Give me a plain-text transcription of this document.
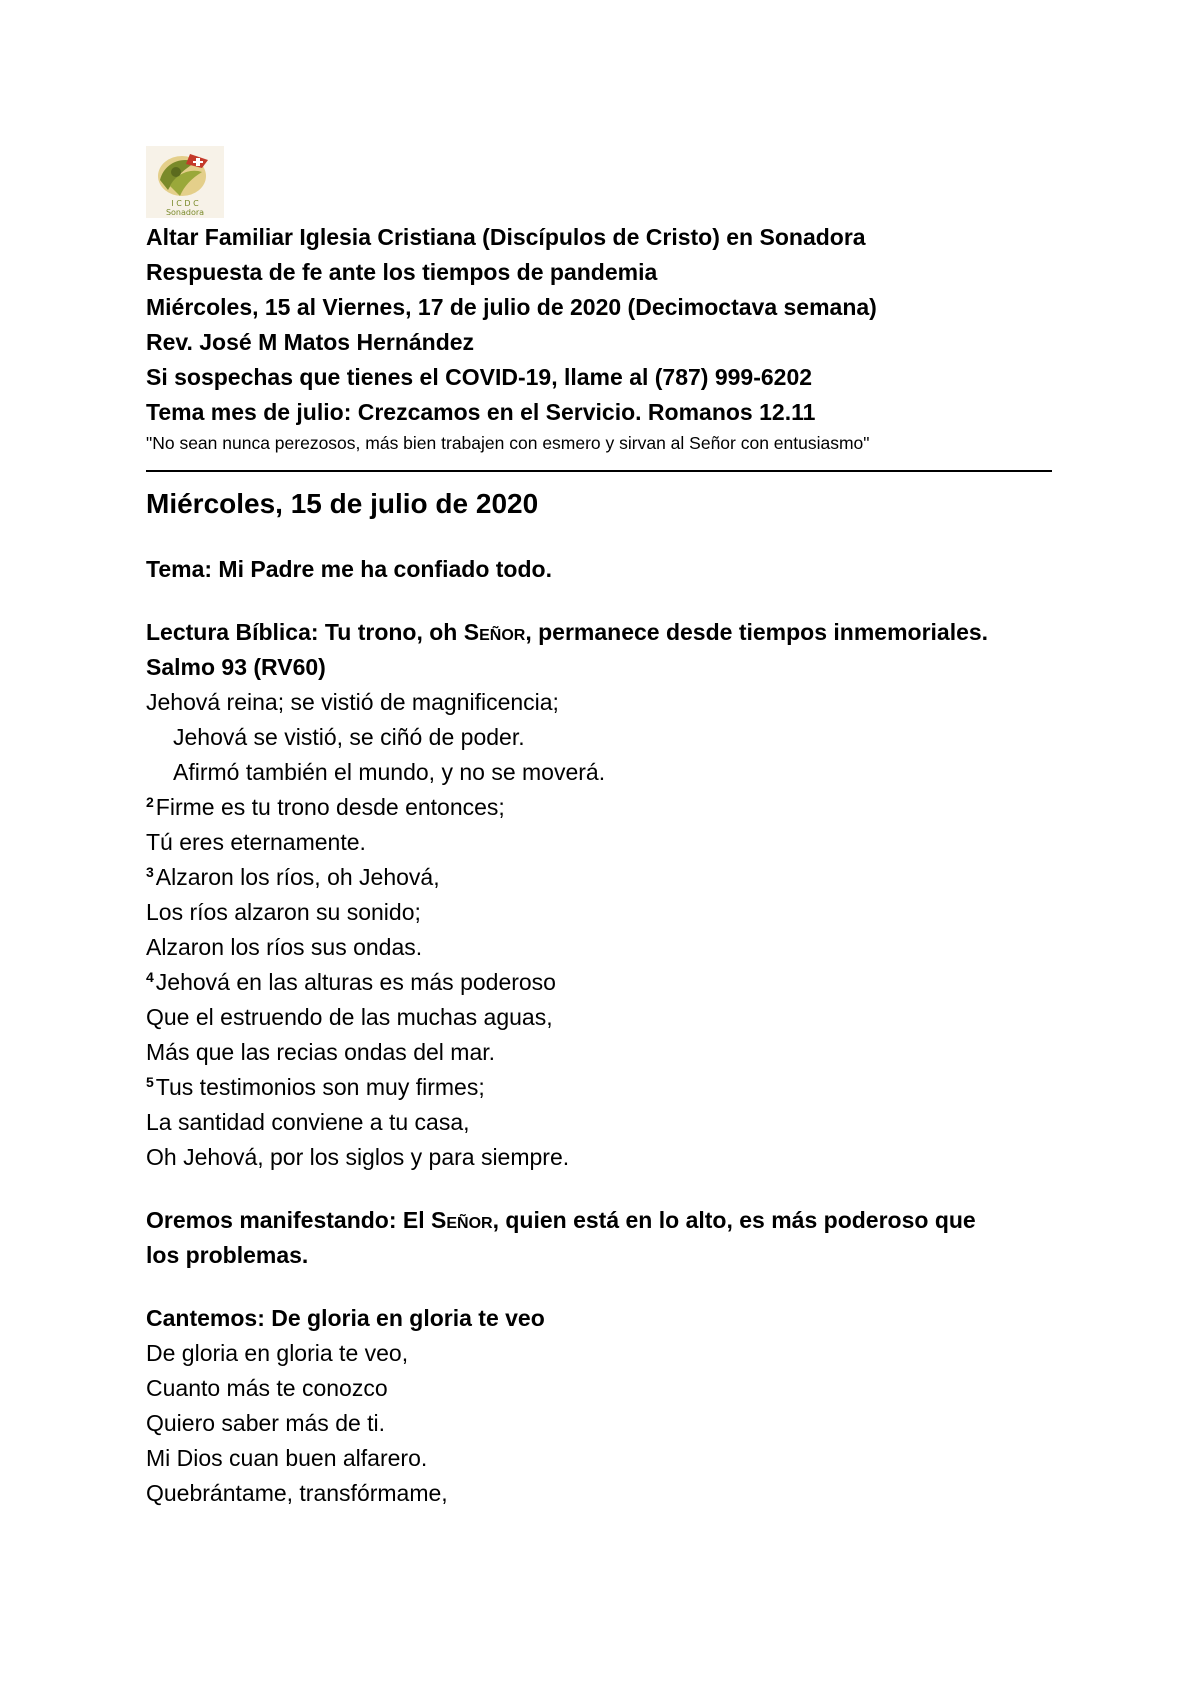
I C D C
Sonadora
Altar Familiar Iglesia Cristiana (Discípulos de Cristo) en Sonadora
Respuesta de fe ante los tiempos de pandemia
Miércoles, 15 al Viernes, 17 de julio de 2020 (Decimoctava semana)
Rev. José M Matos Hernández
Si sospechas que tienes el COVID-19, llame al (787) 999-6202
Tema mes de julio: Crezcamos en el Servicio. Romanos 12.11
"No sean nunca perezosos, más bien trabajen con esmero y sirvan al Señor con entusiasmo"
Miércoles, 15 de julio de 2020
Tema: Mi Padre me ha confiado todo.
Lectura Bíblica: Tu trono, oh Señor, permanece desde tiempos inmemoriales.
Salmo 93 (RV60)
Jehová reina; se vistió de magnificencia;
Jehová se vistió, se ciñó de poder.
Afirmó también el mundo, y no se moverá.
$^2$Firme es tu trono desde entonces;
Tú eres eternamente.
$^3$Alzaron los ríos, oh Jehová,
Los ríos alzaron su sonido;
Alzaron los ríos sus ondas.
$^4$Jehová en las alturas es más poderoso
Que el estruendo de las muchas aguas,
Más que las recias ondas del mar.
$^5$Tus testimonios son muy firmes;
La santidad conviene a tu casa,
Oh Jehová, por los siglos y para siempre.
Oremos manifestando: El Señor, quien está en lo alto, es más poderoso que
los problemas.
Cantemos: De gloria en gloria te veo
De gloria en gloria te veo,
Cuanto más te conozco
Quiero saber más de ti.
Mi Dios cuan buen alfarero.
Quebrántame, transfórmame,
